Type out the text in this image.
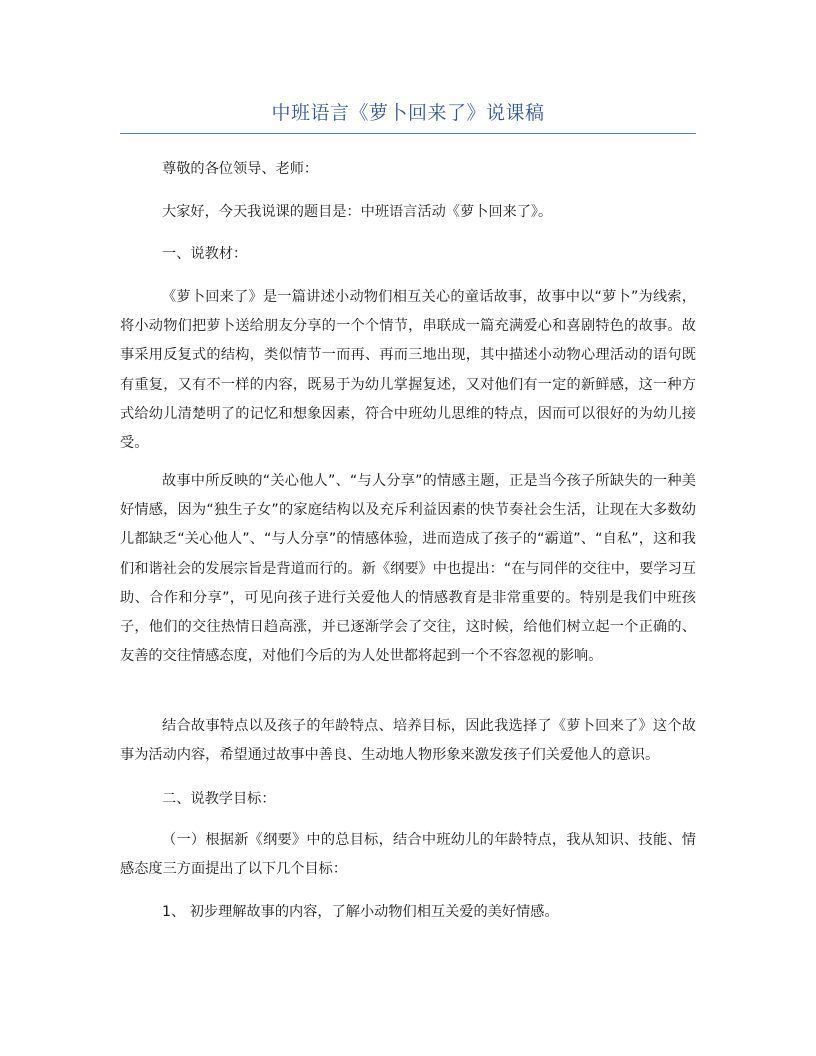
中班语言《萝卜回来了》说课稿
尊敬的各位领导、老师：
大家好，今天我说课的题目是：中班语言活动《萝卜回来了》。
一、说教材：
《萝卜回来了》是一篇讲述小动物们相互关心的童话故事，故事中以“萝卜”为线索，将小动物们把萝卜送给朋友分享的一个个情节，串联成一篇充满爱心和喜剧特色的故事。故事采用反复式的结构，类似情节一而再、再而三地出现，其中描述小动物心理活动的语句既有重复，又有不一样的内容，既易于为幼儿掌握复述，又对他们有一定的新鲜感，这一种方式给幼儿清楚明了的记忆和想象因素，符合中班幼儿思维的特点，因而可以很好的为幼儿接受。
故事中所反映的“关心他人”、“与人分享”的情感主题，正是当今孩子所缺失的一种美好情感，因为“独生子女”的家庭结构以及充斥利益因素的快节奏社会生活，让现在大多数幼儿都缺乏“关心他人”、“与人分享”的情感体验，进而造成了孩子的“霸道”、“自私”，这和我们和谐社会的发展宗旨是背道而行的。新《纲要》中也提出：“在与同伴的交往中，要学习互助、合作和分享”，可见向孩子进行关爱他人的情感教育是非常重要的。特别是我们中班孩子，他们的交往热情日趋高涨，并已逐渐学会了交往，这时候，给他们树立起一个正确的、友善的交往情感态度，对他们今后的为人处世都将起到一个不容忽视的影响。
结合故事特点以及孩子的年龄特点、培养目标，因此我选择了《萝卜回来了》这个故事为活动内容，希望通过故事中善良、生动地人物形象来激发孩子们关爱他人的意识。
二、说教学目标：
（一）根据新《纲要》中的总目标，结合中班幼儿的年龄特点，我从知识、技能、情感态度三方面提出了以下几个目标：
1、 初步理解故事的内容，了解小动物们相互关爱的美好情感。
